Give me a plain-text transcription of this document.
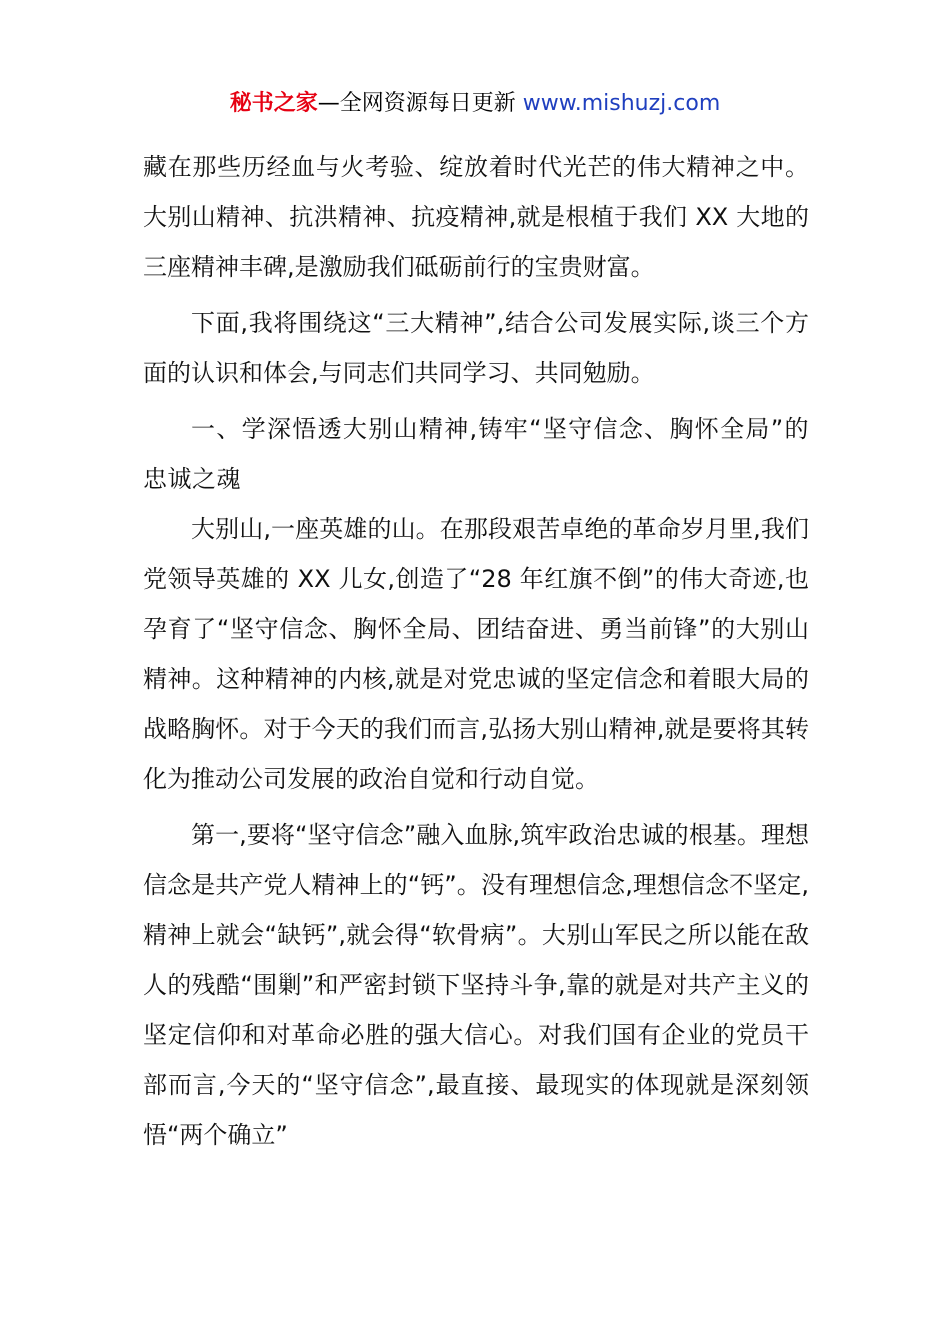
秘书之家—全网资源每日更新 www.mishuzj.com

藏在那些历经血与火考验、绽放着时代光芒的伟大精神之中。大别山精神、抗洪精神、抗疫精神,就是根植于我们 XX 大地的三座精神丰碑,是激励我们砥砺前行的宝贵财富。

下面,我将围绕这“三大精神”,结合公司发展实际,谈三个方面的认识和体会,与同志们共同学习、共同勉励。

一、学深悟透大别山精神,铸牢“坚守信念、胸怀全局”的忠诚之魂

大别山,一座英雄的山。在那段艰苦卓绝的革命岁月里,我们党领导英雄的 XX 儿女,创造了“28 年红旗不倒”的伟大奇迹,也孕育了“坚守信念、胸怀全局、团结奋进、勇当前锋”的大别山精神。这种精神的内核,就是对党忠诚的坚定信念和着眼大局的战略胸怀。对于今天的我们而言,弘扬大别山精神,就是要将其转化为推动公司发展的政治自觉和行动自觉。

第一,要将“坚守信念”融入血脉,筑牢政治忠诚的根基。理想信念是共产党人精神上的“钙”。没有理想信念,理想信念不坚定,精神上就会“缺钙”,就会得“软骨病”。大别山军民之所以能在敌人的残酷“围剿”和严密封锁下坚持斗争,靠的就是对共产主义的坚定信仰和对革命必胜的强大信心。对我们国有企业的党员干部而言,今天的“坚守信念”,最直接、最现实的体现就是深刻领悟“两个确立”
